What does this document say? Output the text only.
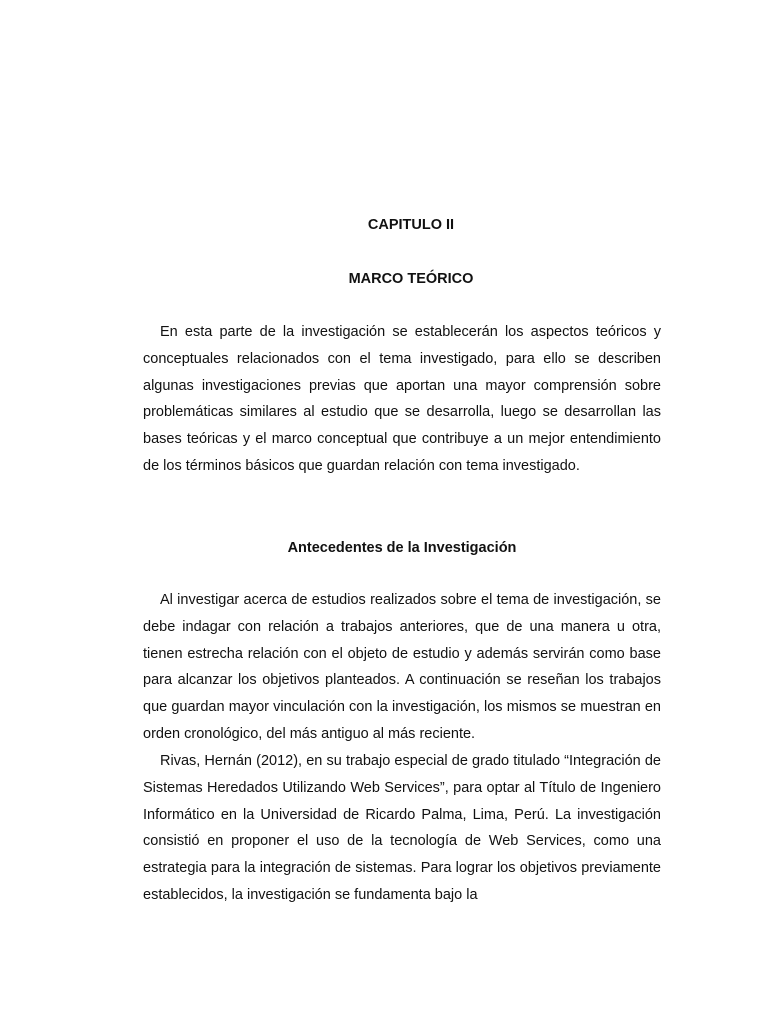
CAPITULO II
MARCO TEÓRICO

En esta parte de la investigación se establecerán los aspectos teóricos y conceptuales relacionados con el tema investigado, para ello se describen algunas investigaciones previas que aportan una mayor comprensión sobre problemáticas similares al estudio que se desarrolla, luego se desarrollan las bases teóricas y el marco conceptual que contribuye a un mejor entendimiento de los términos básicos que guardan relación con tema investigado.

Antecedentes de la Investigación

Al investigar acerca de estudios realizados sobre el tema de investigación, se debe indagar con relación a trabajos anteriores, que de una manera u otra, tienen estrecha relación con el objeto de estudio y además servirán como base para alcanzar los objetivos planteados. A continuación se reseñan los trabajos que guardan mayor vinculación con la investigación, los mismos se muestran en orden cronológico, del más antiguo al más reciente.

Rivas, Hernán (2012), en su trabajo especial de grado titulado “Integración de Sistemas Heredados Utilizando Web Services”, para optar al Título de Ingeniero Informático en la Universidad de Ricardo Palma, Lima, Perú. La investigación consistió en proponer el uso de la tecnología de Web Services, como una estrategia para la integración de sistemas. Para lograr los objetivos previamente establecidos, la investigación se fundamenta bajo la
